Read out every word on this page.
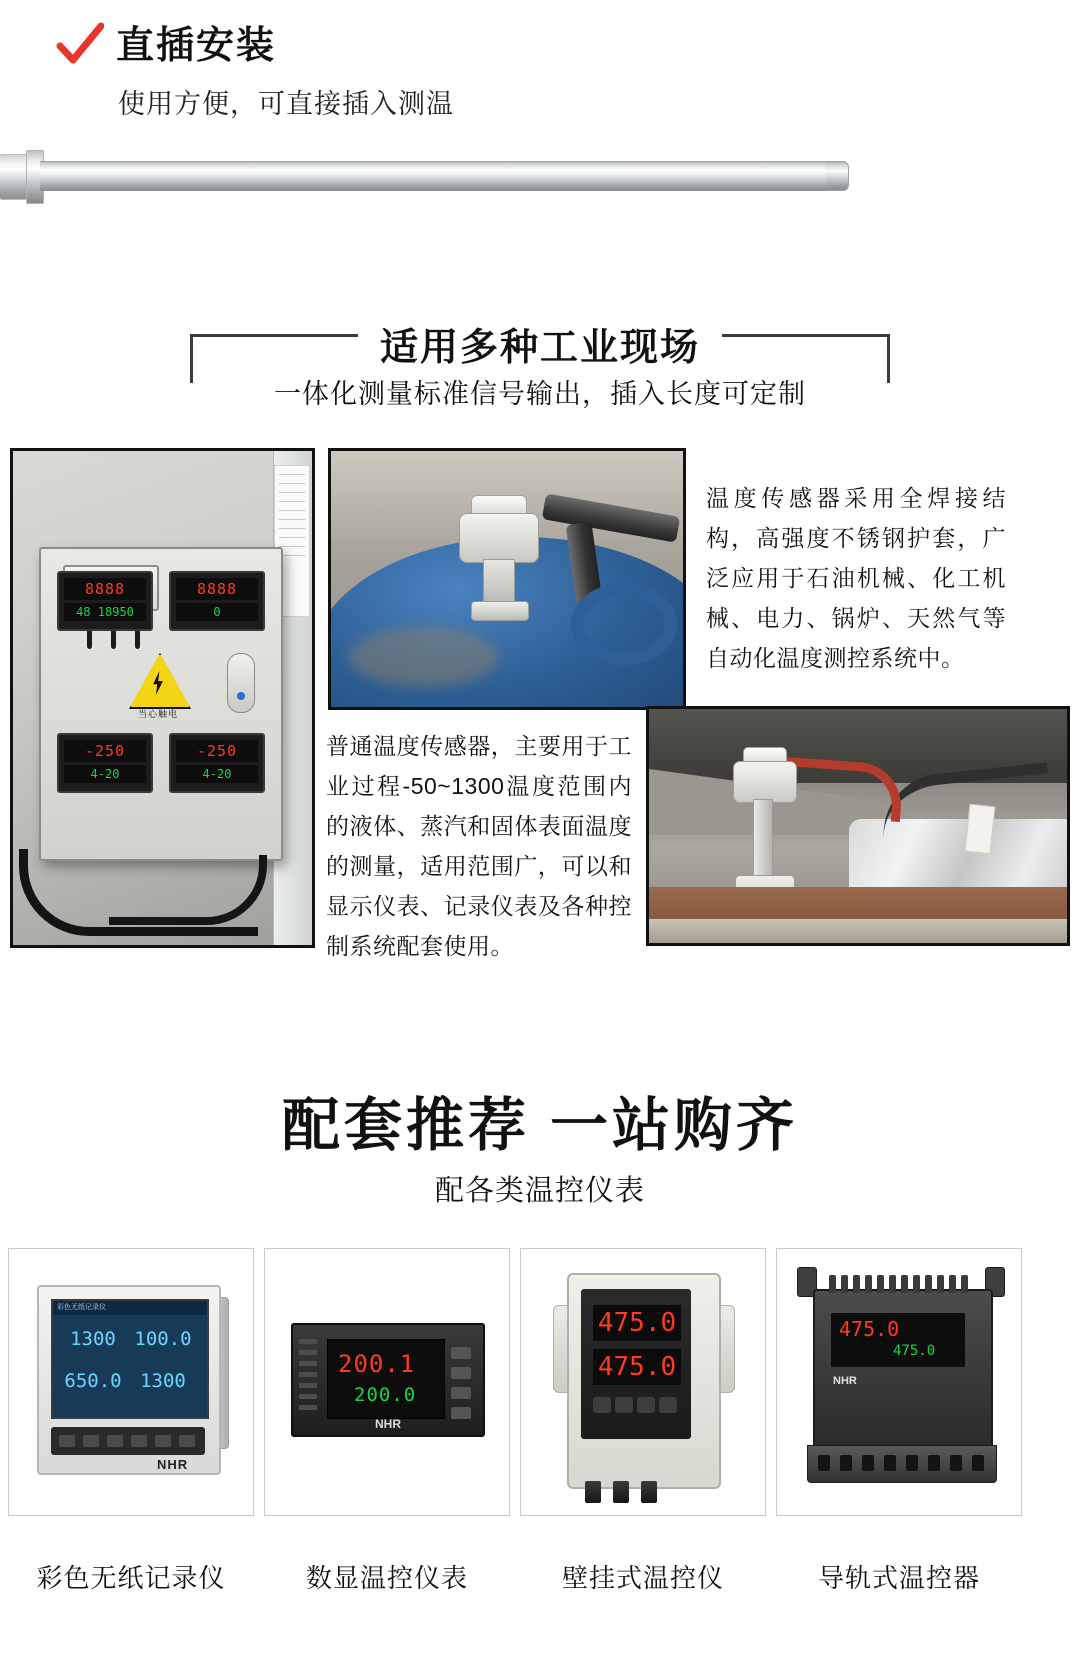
直插安装
使用方便，可直接插入测温
适用多种工业现场
一体化测量标准信号输出，插入长度可定制
8888
48 18950
8888
0
-250
4-20
-250
4-20
当心触电
温度传感器采用全焊接结构，高强度不锈钢护套，广泛应用于石油机械、化工机械、电力、锅炉、天然气等自动化温度测控系统中。
普通温度传感器，主要用于工业过程-50~1300温度范围内的液体、蒸汽和固体表面温度的测量，适用范围广，可以和显示仪表、记录仪表及各种控制系统配套使用。
配套推荐 一站购齐
配各类温控仪表
彩色无纸记录仪
1300 100.0
650.0 1300
NHR
200.1
200.0
NHR
475.0
475.0
475.0
475.0
NHR
彩色无纸记录仪	数显温控仪表	壁挂式温控仪	导轨式温控器
